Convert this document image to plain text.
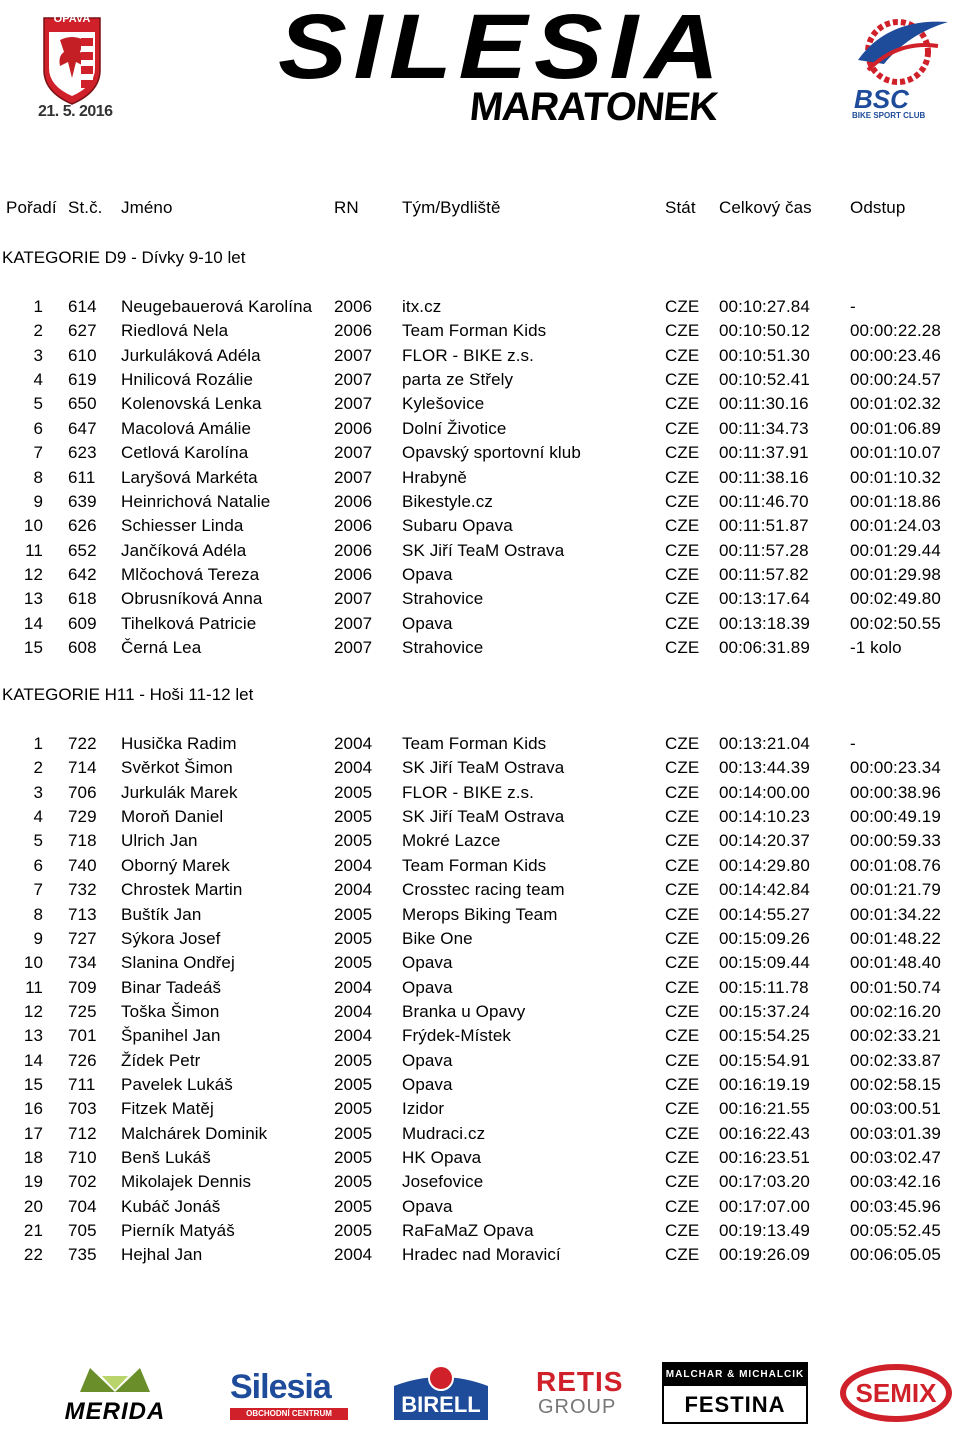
OPAVA
21. 5. 2016
SILESIA
MARATONEK	BSC
BIKE SPORT CLUB
Pořadí St.č. Jméno	RN	Tým/Bydliště	Stát Celkový čas Odstup
KATEGORIE D9 - Dívky 9-10 let
1 614 Neugebauerová Karolína 2006 itx.cz	CZE 00:10:27.84 -
2 627 Riedlová Nela	2006 Team Forman Kids	CZE 00:10:50.12 00:00:22.28
3 610 Jurkuláková Adéla	2007 FLOR - BIKE z.s.	CZE 00:10:51.30 00:00:23.46
4 619 Hnilicová Rozálie	2007 parta ze Střely	CZE 00:10:52.41 00:00:24.57
5 650 Kolenovská Lenka	2007 Kylešovice	CZE 00:11:30.16 00:01:02.32
6 647 Macolová Amálie	2006 Dolní Životice	CZE 00:11:34.73 00:01:06.89
7 623 Cetlová Karolína	2007 Opavský sportovní klub	CZE 00:11:37.91 00:01:10.07
8 611 Laryšová Markéta	2007 Hrabyně	CZE 00:11:38.16 00:01:10.32
9 639 Heinrichová Natalie	2006 Bikestyle.cz	CZE 00:11:46.70 00:01:18.86
10 626 Schiesser Linda	2006 Subaru Opava	CZE 00:11:51.87 00:01:24.03
11 652 Jančíková Adéla	2006 SK Jiří TeaM Ostrava	CZE 00:11:57.28 00:01:29.44
12 642 Mlčochová Tereza	2006 Opava	CZE 00:11:57.82 00:01:29.98
13 618 Obrusníková Anna	2007 Strahovice	CZE 00:13:17.64 00:02:49.80
14 609 Tihelková Patricie	2007 Opava	CZE 00:13:18.39 00:02:50.55
15 608 Černá Lea	2007 Strahovice	CZE 00:06:31.89 -1 kolo
KATEGORIE H11 - Hoši 11-12 let
1 722 Husička Radim	2004 Team Forman Kids	CZE 00:13:21.04 -
2 714 Svěrkot Šimon	2004 SK Jiří TeaM Ostrava	CZE 00:13:44.39 00:00:23.34
3 706 Jurkulák Marek	2005 FLOR - BIKE z.s.	CZE 00:14:00.00 00:00:38.96
4 729 Moroň Daniel	2005 SK Jiří TeaM Ostrava	CZE 00:14:10.23 00:00:49.19
5 718 Ulrich Jan	2005 Mokré Lazce	CZE 00:14:20.37 00:00:59.33
6 740 Oborný Marek	2004 Team Forman Kids	CZE 00:14:29.80 00:01:08.76
7 732 Chrostek Martin	2004 Crosstec racing team	CZE 00:14:42.84 00:01:21.79
8 713 Buštík Jan	2005 Merops Biking Team	CZE 00:14:55.27 00:01:34.22
9 727 Sýkora Josef	2005 Bike One	CZE 00:15:09.26 00:01:48.22
10 734 Slanina Ondřej	2005 Opava	CZE 00:15:09.44 00:01:48.40
11 709 Binar Tadeáš	2004 Opava	CZE 00:15:11.78 00:01:50.74
12 725 Toška Šimon	2004 Branka u Opavy	CZE 00:15:37.24 00:02:16.20
13 701 Španihel Jan	2004 Frýdek-Místek	CZE 00:15:54.25 00:02:33.21
14 726 Žídek Petr	2005 Opava	CZE 00:15:54.91 00:02:33.87
15 711 Pavelek Lukáš	2005 Opava	CZE 00:16:19.19 00:02:58.15
16 703 Fitzek Matěj	2005 Izidor	CZE 00:16:21.55 00:03:00.51
17 712 Malchárek Dominik	2005 Mudraci.cz	CZE 00:16:22.43 00:03:01.39
18 710 Benš Lukáš	2005 HK Opava	CZE 00:16:23.51 00:03:02.47
19 702 Mikolajek Dennis	2005 Josefovice	CZE 00:17:03.20 00:03:42.16
20 704 Kubáč Jonáš	2005 Opava	CZE 00:17:07.00 00:03:45.96
21 705 Pierník Matyáš	2005 RaFaMaZ Opava	CZE 00:19:13.49 00:05:52.45
22 735 Hejhal Jan	2004 Hradec nad Moravicí	CZE 00:19:26.09 00:06:05.05
MERIDA
Silesia
OBCHODNÍ CENTRUM	BIRELL
RETIS
GROUP
MALCHAR & MICHALCIK
FESTINA	SEMIX
